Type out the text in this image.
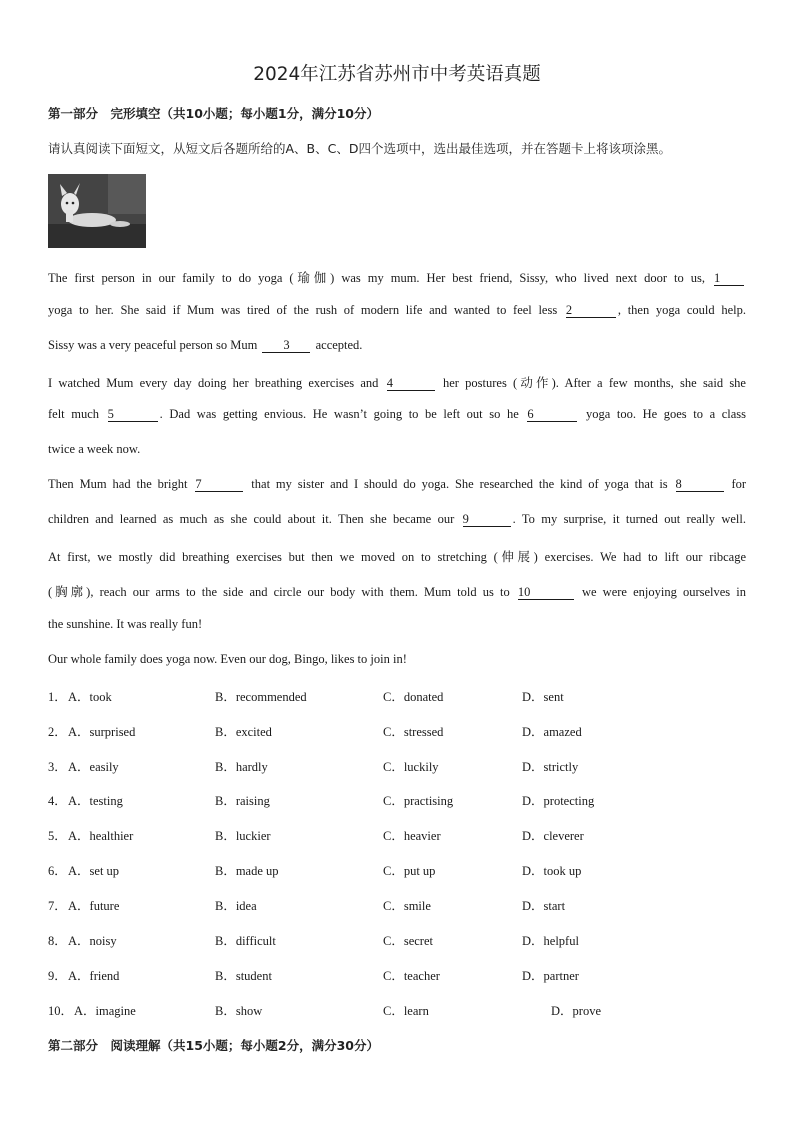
2024年江苏省苏州市中考英语真题
第一部分　完形填空（共10小题；每小题1分，满分10分）
请认真阅读下面短文，从短文后各题所给的A、B、C、D四个选项中，选出最佳选项，并在答题卡上将该项涂黑。
The first person in our family to do yoga (瑜伽) was my mum. Her best friend, Sissy, who lived next door to us, 1
yoga to her. She said if Mum was tired of the rush of modern life and wanted to feel less 2	, then yoga could help.
Sissy was a very peaceful person so Mum 3 accepted.
I watched Mum every day doing her breathing exercises and 4	her postures (动作). After a few months, she said she
felt much 5	. Dad was getting envious. He wasn’t going to be left out so he 6	yoga too. He goes to a class
twice a week now.
Then Mum had the bright 7	that my sister and I should do yoga. She researched the kind of yoga that is 8	for
children and learned as much as she could about it. Then she became our 9	. To my surprise, it turned out really well.
At first, we mostly did breathing exercises but then we moved on to stretching (伸展) exercises. We had to lift our ribcage
(胸廓), reach our arms to the side and circle our body with them. Mum told us to 10	we were enjoying ourselves in
the sunshine. It was really fun!
Our whole family does yoga now. Even our dog, Bingo, likes to join in!
1． A．took	B．recommended	C．donated	D．sent
2． A．surprised	B．excited	C．stressed	D．amazed
3． A．easily	B．hardly	C．luckily	D．strictly
4． A．testing	B．raising	C．practising	D．protecting
5． A．healthier	B．luckier	C．heavier	D．cleverer
6． A．set up	B．made up	C．put up	D．took up
7． A．future	B．idea	C．smile	D．start
8． A．noisy	B．difficult	C．secret	D．helpful
9． A．friend	B．student	C．teacher	D．partner
10． A．imagine	B．show	C．learn	D．prove
第二部分　阅读理解（共15小题；每小题2分，满分30分）
